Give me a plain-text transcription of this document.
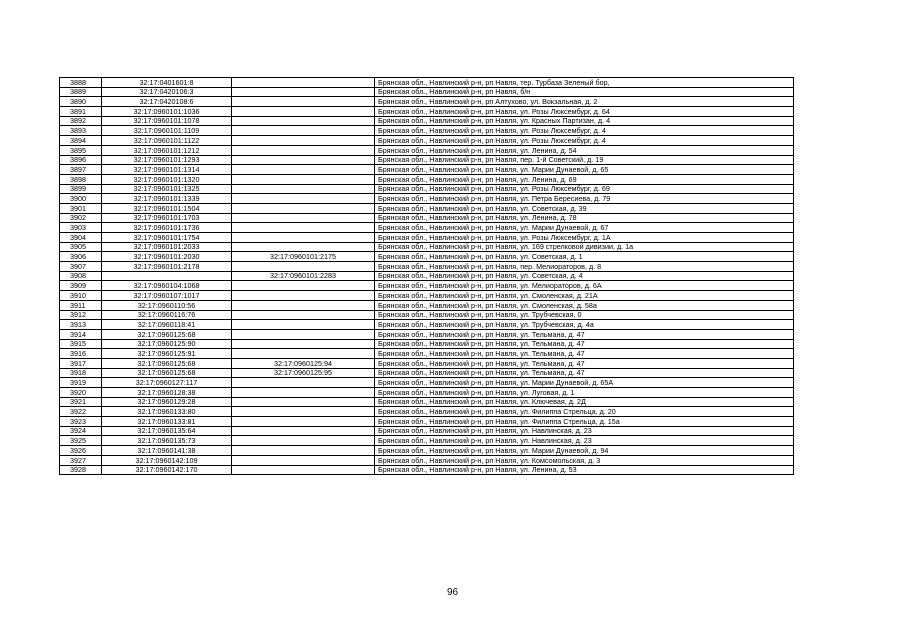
3888	32:17:0401601:8		Брянская обл., Навлинский р-н, рп Навля, тер. Турбаза Зеленый бор,
3889	32:17:0420106:3		Брянская обл., Навлинский р-н, рп Навля, б/н
3890	32:17:0420108:6		Брянская обл., Навлинский р-н, рп Алтухово, ул. Вокзальная, д. 2
3891	32:17:0960101:1036		Брянская обл., Навлинский р-н, рп Навля, ул. Розы Люксембург, д. 64
3892	32:17:0960101:1078		Брянская обл., Навлинский р-н, рп Навля, ул. Красных Партизан, д. 4
3893	32:17:0960101:1109		Брянская обл., Навлинский р-н, рп Навля, ул. Розы Люксембург, д. 4
3894	32:17:0960101:1122		Брянская обл., Навлинский р-н, рп Навля, ул. Розы Люксембург, д. 4
3895	32:17:0960101:1212		Брянская обл., Навлинский р-н, рп Навля, ул. Ленина, д. 54
3896	32:17:0960101:1293		Брянская обл., Навлинский р-н, рп Навля, пер. 1-й Советский, д. 19
3897	32:17:0960101:1314		Брянская обл., Навлинский р-н, рп Навля, ул. Марии Дунаевой, д. 65
3898	32:17:0960101:1320		Брянская обл., Навлинский р-н, рп Навля, ул. Ленина, д. 69
3899	32:17:0960101:1325		Брянская обл., Навлинский р-н, рп Навля, ул. Розы Люксембург, д. 69
3900	32:17:0960101:1339		Брянская обл., Навлинский р-н, рп Навля, ул. Петра Бересиева, д. 79
3901	32:17:0960101:1504		Брянская обл., Навлинский р-н, рп Навля, ул. Советская, д. 39
3902	32:17:0960101:1703		Брянская обл., Навлинский р-н, рп Навля, ул. Ленина, д. 78
3903	32:17:0960101:1736		Брянская обл., Навлинский р-н, рп Навля, ул. Марии Дунаевой, д. 67
3904	32:17:0960101:1754		Брянская обл., Навлинский р-н, рп Навля, ул. Розы Люксембург, д. 1А
3905	32:17:0960101:2033		Брянская обл., Навлинский р-н, рп Навля, ул. 169 стрелковой дивизии, д. 1а
3906	32:17:0960101:2030	32:17:0960101:2175	Брянская обл., Навлинский р-н, рп Навля, ул. Советская, д. 1
3907	32:17:0960101:2178		Брянская обл., Навлинский р-н, рп Навля, пер. Мелиораторов, д. 8
3908		32:17:0960101:2283	Брянская обл., Навлинский р-н, рп Навля, ул. Советская, д. 4
3909	32:17:0960104:1068		Брянская обл., Навлинский р-н, рп Навля, ул. Мелиораторов, д. 6А
3910	32:17:0960107:1017		Брянская обл., Навлинский р-н, рп Навля, ул. Смоленская, д. 21А
3911	32:17:0960110:56		Брянская обл., Навлинский р-н, рп Навля, ул. Смоленская, д. 58а
3912	32:17:0960116:76		Брянская обл., Навлинский р-н, рп Навля, ул. Трубчевская, 0
3913	32:17:0960118:41		Брянская обл., Навлинский р-н, рп Навля, ул. Трубчевская, д. 4а
3914	32:17:0960125:68		Брянская обл., Навлинский р-н, рп Навля, ул. Тельмана, д. 47
3915	32:17:0960125:90		Брянская обл., Навлинский р-н, рп Навля, ул. Тельмана, д. 47
3916	32:17:0960125:91		Брянская обл., Навлинский р-н, рп Навля, ул. Тельмана, д. 47
3917	32:17:0960125:68	32:17:0960125:94	Брянская обл., Навлинский р-н, рп Навля, ул. Тельмана, д. 47
3918	32:17:0960125:68	32:17:0960125:95	Брянская обл., Навлинский р-н, рп Навля, ул. Тельмана, д. 47
3919	32:17:0960127:117		Брянская обл., Навлинский р-н, рп Навля, ул. Марии Дунаевой, д. 65А
3920	32:17:0960128:38		Брянская обл., Навлинский р-н, рп Навля, ул. Луговая, д. 1
3921	32:17:0960129:28		Брянская обл., Навлинский р-н, рп Навля, ул. Ключевая, д. 2Д
3922	32:17:0960133:80		Брянская обл., Навлинский р-н, рп Навля, ул. Филиппа Стрельца, д. 20
3923	32:17:0960133:81		Брянская обл., Навлинский р-н, рп Навля, ул. Филиппа Стрельца, д. 15а
3924	32:17:0960135:64		Брянская обл., Навлинский р-н, рп Навля, ул. Навлинская, д. 23
3925	32:17:0960135:73		Брянская обл., Навлинский р-н, рп Навля, ул. Навлинская, д. 23
3926	32:17:0960141:38		Брянская обл., Навлинский р-н, рп Навля, ул. Марии Дунаевой, д. 94
3927	32:17:0960142:109		Брянская обл., Навлинский р-н, рп Навля, ул. Комсомольская, д. 3
3928	32:17:0960142:170		Брянская обл., Навлинский р-н, рп Навля, ул. Ленина, д. 53
96
